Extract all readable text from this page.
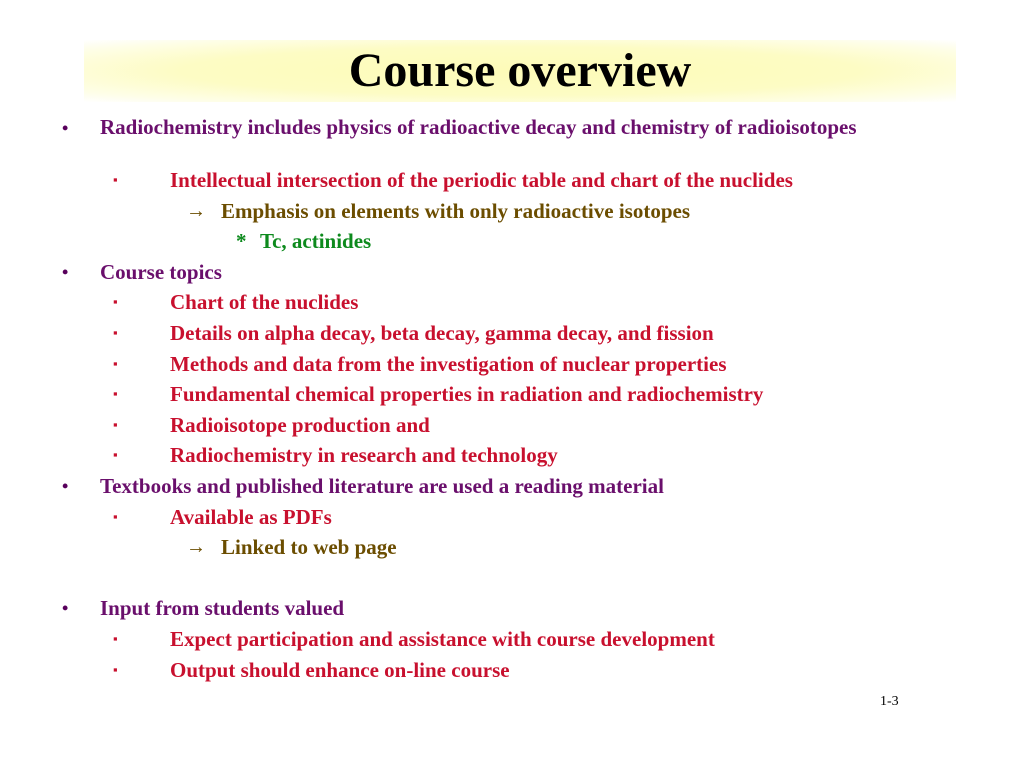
Course overview
• Radiochemistry includes physics of radioactive decay and chemistry of radioisotopes
▪ Intellectual intersection of the periodic table and chart of the nuclides
→ Emphasis on elements with only radioactive isotopes
* Tc, actinides
• Course topics
▪ Chart of the nuclides
▪ Details on alpha decay, beta decay, gamma decay, and fission
▪ Methods and data from the investigation of nuclear properties
▪ Fundamental chemical properties in radiation and radiochemistry
▪ Radioisotope production and
▪ Radiochemistry in research and technology
• Textbooks and published literature are used a reading material
▪ Available as PDFs
→ Linked to web page
• Input from students valued
▪ Expect participation and assistance with course development
▪ Output should enhance on-line course
1-3
